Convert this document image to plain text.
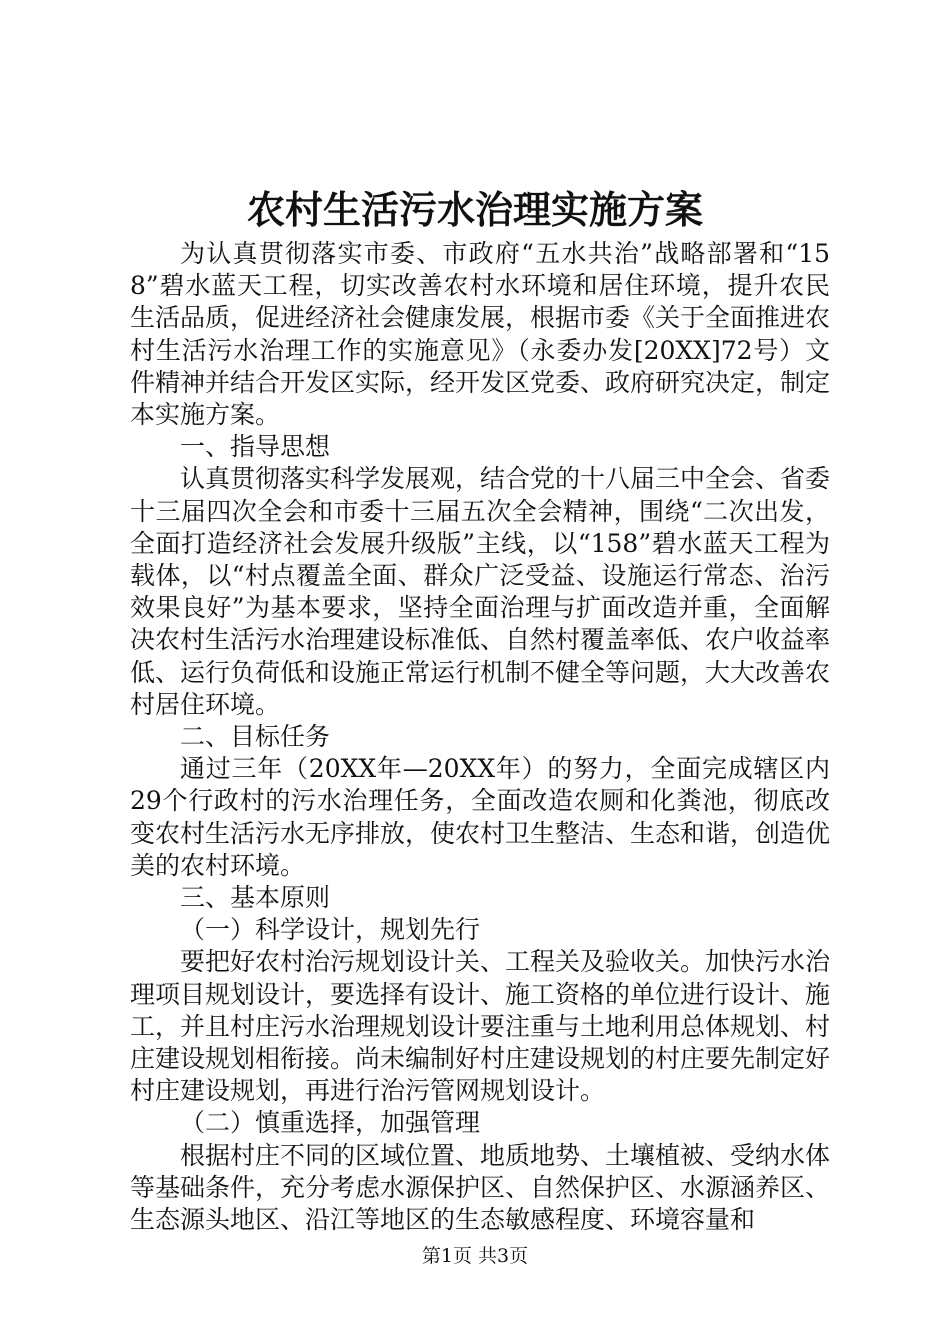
农村生活污水治理实施方案

为认真贯彻落实市委、市政府“五水共治”战略部署和“158”碧水蓝天工程，切实改善农村水环境和居住环境，提升农民生活品质，促进经济社会健康发展，根据市委《关于全面推进农村生活污水治理工作的实施意见》（永委办发[20XX]72号）文件精神并结合开发区实际，经开发区党委、政府研究决定，制定本实施方案。

一、指导思想

认真贯彻落实科学发展观，结合党的十八届三中全会、省委十三届四次全会和市委十三届五次全会精神，围绕“二次出发，全面打造经济社会发展升级版”主线，以“158”碧水蓝天工程为载体，以“村点覆盖全面、群众广泛受益、设施运行常态、治污效果良好”为基本要求，坚持全面治理与扩面改造并重，全面解决农村生活污水治理建设标准低、自然村覆盖率低、农户收益率低、运行负荷低和设施正常运行机制不健全等问题，大大改善农村居住环境。

二、目标任务

通过三年（20XX年—20XX年）的努力，全面完成辖区内29个行政村的污水治理任务，全面改造农厕和化粪池，彻底改变农村生活污水无序排放，使农村卫生整洁、生态和谐，创造优美的农村环境。

三、基本原则

（一）科学设计，规划先行

要把好农村治污规划设计关、工程关及验收关。加快污水治理项目规划设计，要选择有设计、施工资格的单位进行设计、施工，并且村庄污水治理规划设计要注重与土地利用总体规划、村庄建设规划相衔接。尚未编制好村庄建设规划的村庄要先制定好村庄建设规划，再进行治污管网规划设计。

（二）慎重选择，加强管理

根据村庄不同的区域位置、地质地势、土壤植被、受纳水体等基础条件，充分考虑水源保护区、自然保护区、水源涵养区、生态源头地区、沿江等地区的生态敏感程度、环境容量和

第1页 共3页
